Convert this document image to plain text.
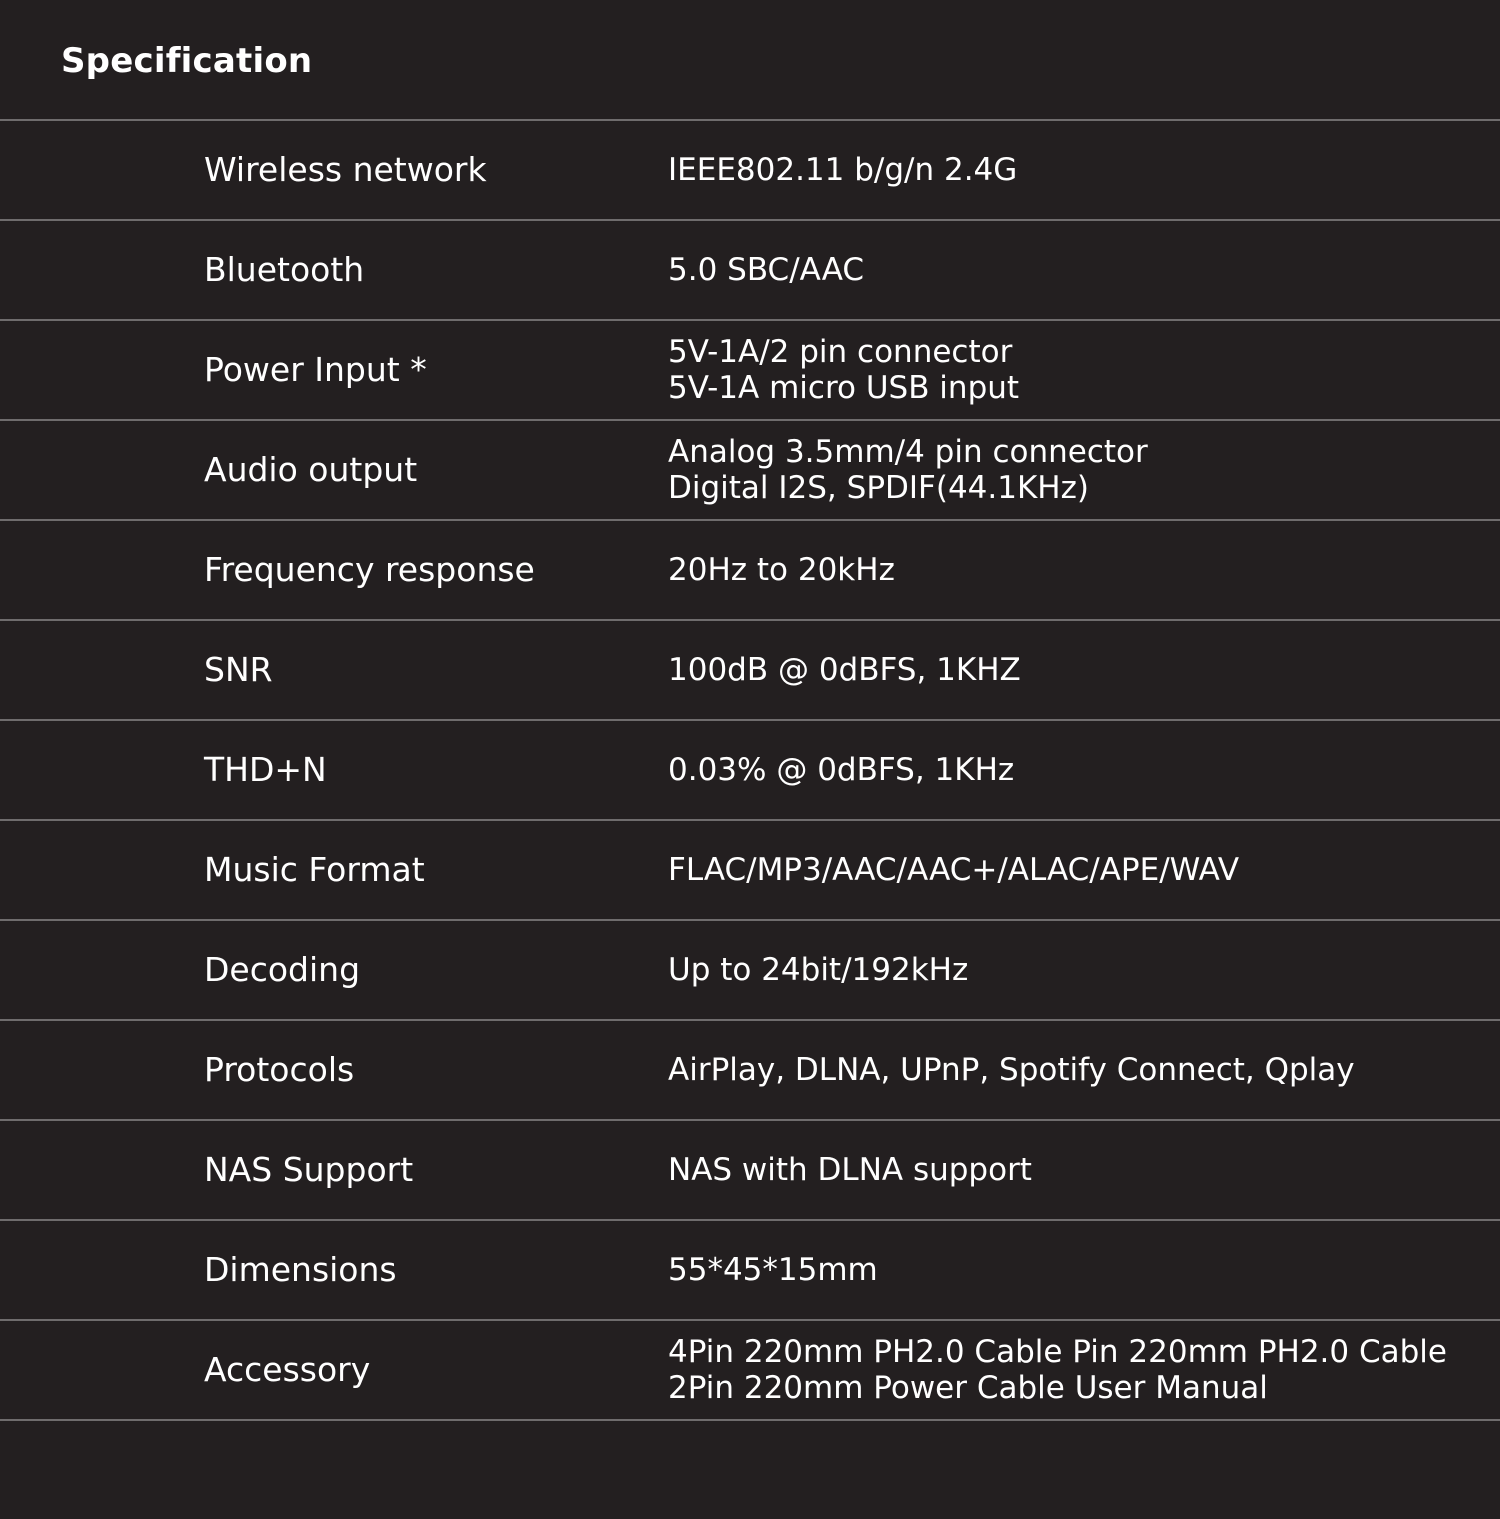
Specification
Wireless network	IEEE802.11 b/g/n 2.4G
Bluetooth	5.0 SBC/AAC
Power Input *	5V-1A/2 pin connector
5V-1A micro USB input
Audio output	Analog 3.5mm/4 pin connector
Digital I2S, SPDIF(44.1KHz)
Frequency response	20Hz to 20kHz
SNR	100dB @ 0dBFS, 1KHZ
THD+N	0.03% @ 0dBFS, 1KHz
Music Format	FLAC/MP3/AAC/AAC+/ALAC/APE/WAV
Decoding	Up to 24bit/192kHz
Protocols	AirPlay, DLNA, UPnP, Spotify Connect, Qplay
NAS Support	NAS with DLNA support
Dimensions	55*45*15mm
Accessory	4Pin 220mm PH2.0 Cable Pin 220mm PH2.0 Cable
2Pin 220mm Power Cable User Manual
